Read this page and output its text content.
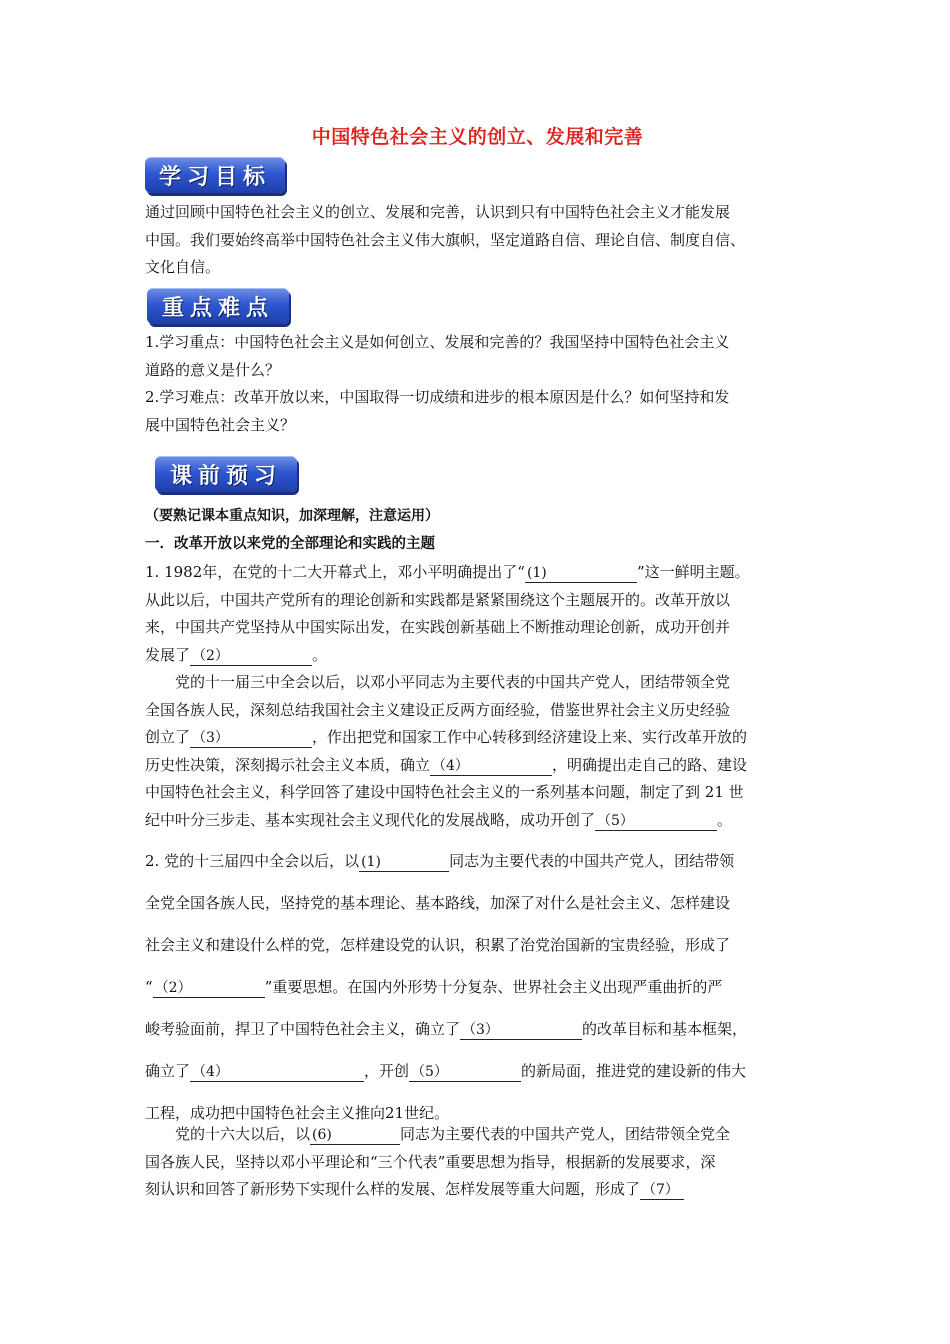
中国特色社会主义的创立、发展和完善
学习目标
通过回顾中国特色社会主义的创立、发展和完善，认识到只有中国特色社会主义才能发展
中国。我们要始终高举中国特色社会主义伟大旗帜，坚定道路自信、理论自信、制度自信、
文化自信。
重点难点
1.学习重点：中国特色社会主义是如何创立、发展和完善的？我国坚持中国特色社会主义
道路的意义是什么？
2.学习难点：改革开放以来，中国取得一切成绩和进步的根本原因是什么？如何坚持和发
展中国特色社会主义？
课前预习
（要熟记课本重点知识，加深理解，注意运用）
一．改革开放以来党的全部理论和实践的主题
1. 1982年，在党的十二大开幕式上，邓小平明确提出了“ (1)	”这一鲜明主题。
从此以后，中国共产党所有的理论创新和实践都是紧紧围绕这个主题展开的。改革开放以
来，中国共产党坚持从中国实际出发，在实践创新基础上不断推动理论创新，成功开创并
发展了 （2）	。
党的十一届三中全会以后，以邓小平同志为主要代表的中国共产党人，团结带领全党
全国各族人民，深刻总结我国社会主义建设正反两方面经验，借鉴世界社会主义历史经验
创立了 （3）	，作出把党和国家工作中心转移到经济建设上来、实行改革开放的
历史性决策，深刻揭示社会主义本质，确立 （4）	，明确提出走自己的路、建设
中国特色社会主义，科学回答了建设中国特色社会主义的一系列基本问题，制定了到 21 世
纪中叶分三步走、基本实现社会主义现代化的发展战略，成功开创了 （5）	。
2. 党的十三届四中全会以后，以 (1)	同志为主要代表的中国共产党人，团结带领
全党全国各族人民，坚持党的基本理论、基本路线，加深了对什么是社会主义、怎样建设
社会主义和建设什么样的党，怎样建设党的认识，积累了治党治国新的宝贵经验，形成了
“ （2）	”重要思想。在国内外形势十分复杂、世界社会主义出现严重曲折的严
峻考验面前，捍卫了中国特色社会主义，确立了 （3）	的改革目标和基本框架，
确立了 （4）	，开创 （5）	的新局面，推进党的建设新的伟大
工程，成功把中国特色社会主义推向21世纪。
党的十六大以后，以 (6)	同志为主要代表的中国共产党人，团结带领全党全
国各族人民，坚持以邓小平理论和“三个代表”重要思想为指导，根据新的发展要求，深
刻认识和回答了新形势下实现什么样的发展、怎样发展等重大问题，形成了 （7）
